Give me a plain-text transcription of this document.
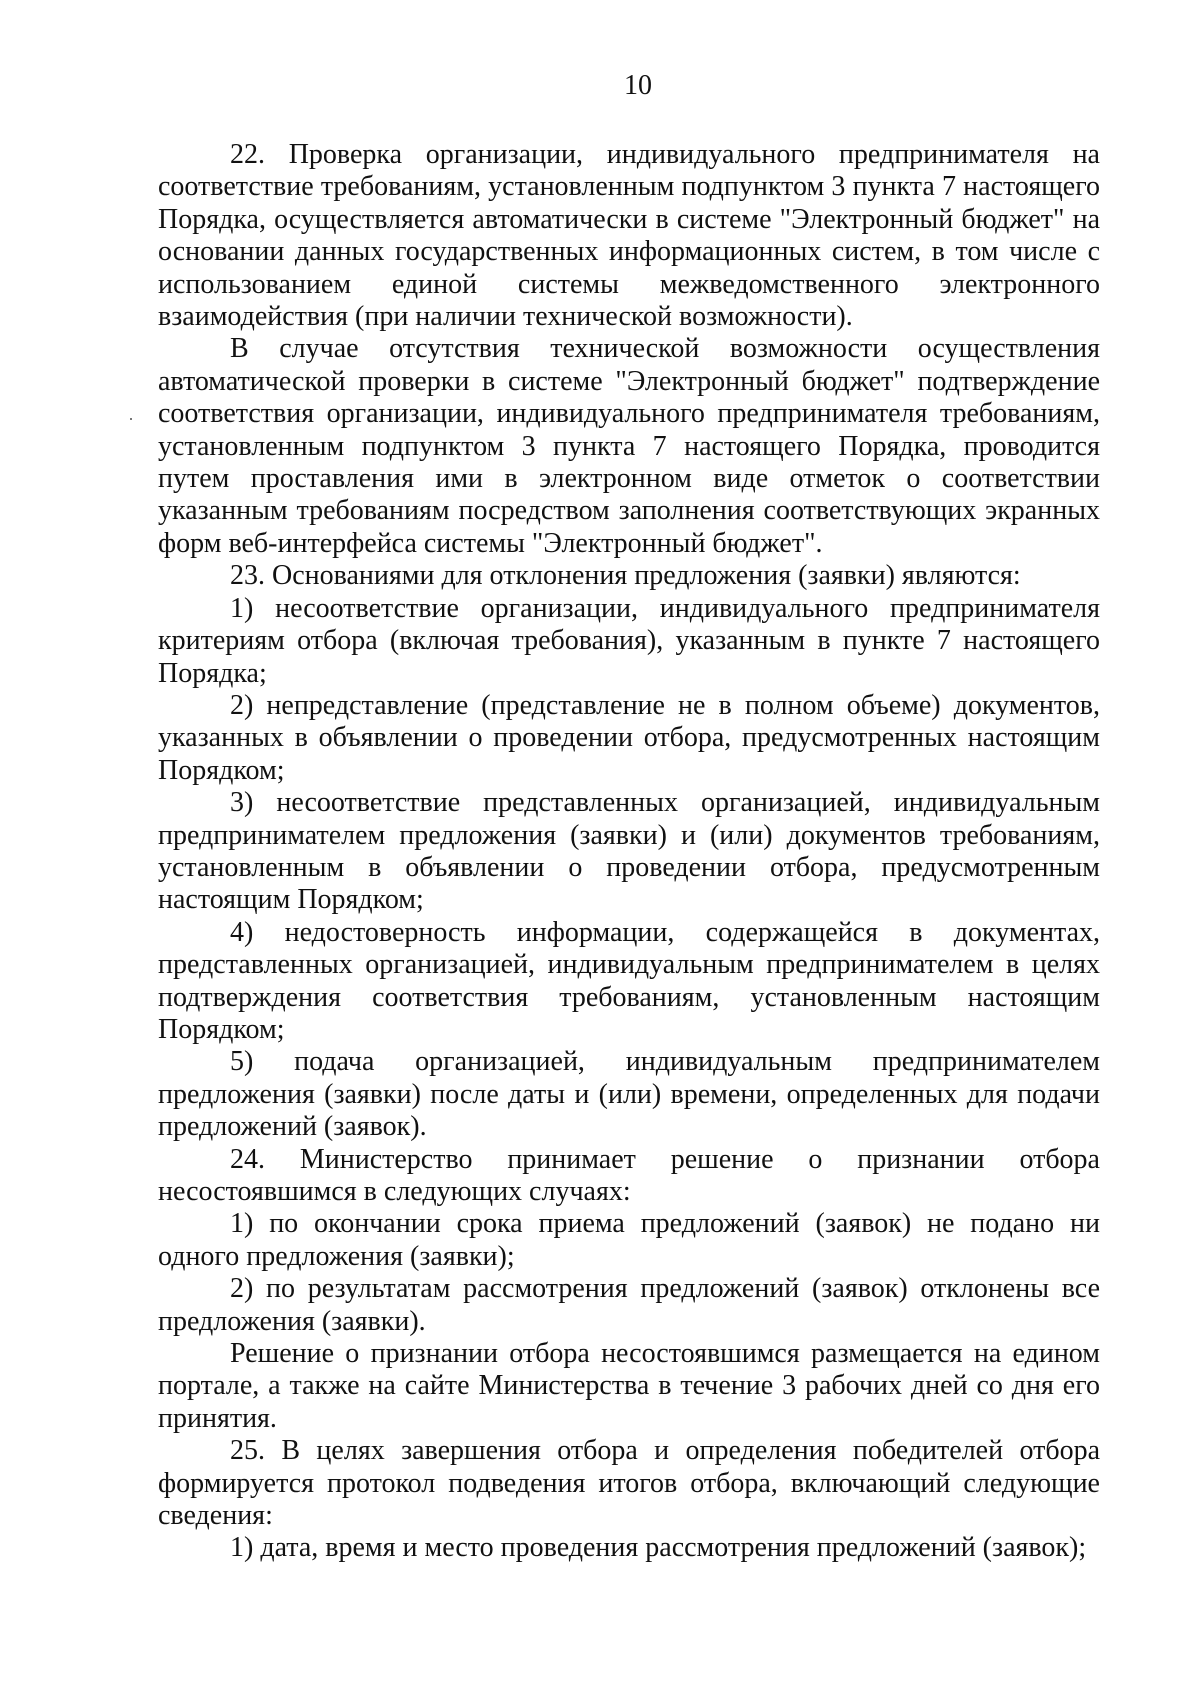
10

22. Проверка организации, индивидуального предпринимателя на соответствие требованиям, установленным подпунктом 3 пункта 7 настоящего Порядка, осуществляется автоматически в системе "Электронный бюджет" на основании данных государственных информационных систем, в том числе с использованием единой системы межведомственного электронного взаимодействия (при наличии технической возможности).

В случае отсутствия технической возможности осуществления автоматической проверки в системе "Электронный бюджет" подтверждение соответствия организации, индивидуального предпринимателя требованиям, установленным подпунктом 3 пункта 7 настоящего Порядка, проводится путем проставления ими в электронном виде отметок о соответствии указанным требованиям посредством заполнения соответствующих экранных форм веб-интерфейса системы "Электронный бюджет".

23. Основаниями для отклонения предложения (заявки) являются:

1) несоответствие организации, индивидуального предпринимателя критериям отбора (включая требования), указанным в пункте 7 настоящего Порядка;

2) непредставление (представление не в полном объеме) документов, указанных в объявлении о проведении отбора, предусмотренных настоящим Порядком;

3) несоответствие представленных организацией, индивидуальным предпринимателем предложения (заявки) и (или) документов требованиям, установленным в объявлении о проведении отбора, предусмотренным настоящим Порядком;

4) недостоверность информации, содержащейся в документах, представленных организацией, индивидуальным предпринимателем в целях подтверждения соответствия требованиям, установленным настоящим Порядком;

5) подача организацией, индивидуальным предпринимателем предложения (заявки) после даты и (или) времени, определенных для подачи предложений (заявок).

24. Министерство принимает решение о признании отбора несостоявшимся в следующих случаях:

1) по окончании срока приема предложений (заявок) не подано ни одного предложения (заявки);

2) по результатам рассмотрения предложений (заявок) отклонены все предложения (заявки).

Решение о признании отбора несостоявшимся размещается на едином портале, а также на сайте Министерства в течение 3 рабочих дней со дня его принятия.

25. В целях завершения отбора и определения победителей отбора формируется протокол подведения итогов отбора, включающий следующие сведения:

1) дата, время и место проведения рассмотрения предложений (заявок);
